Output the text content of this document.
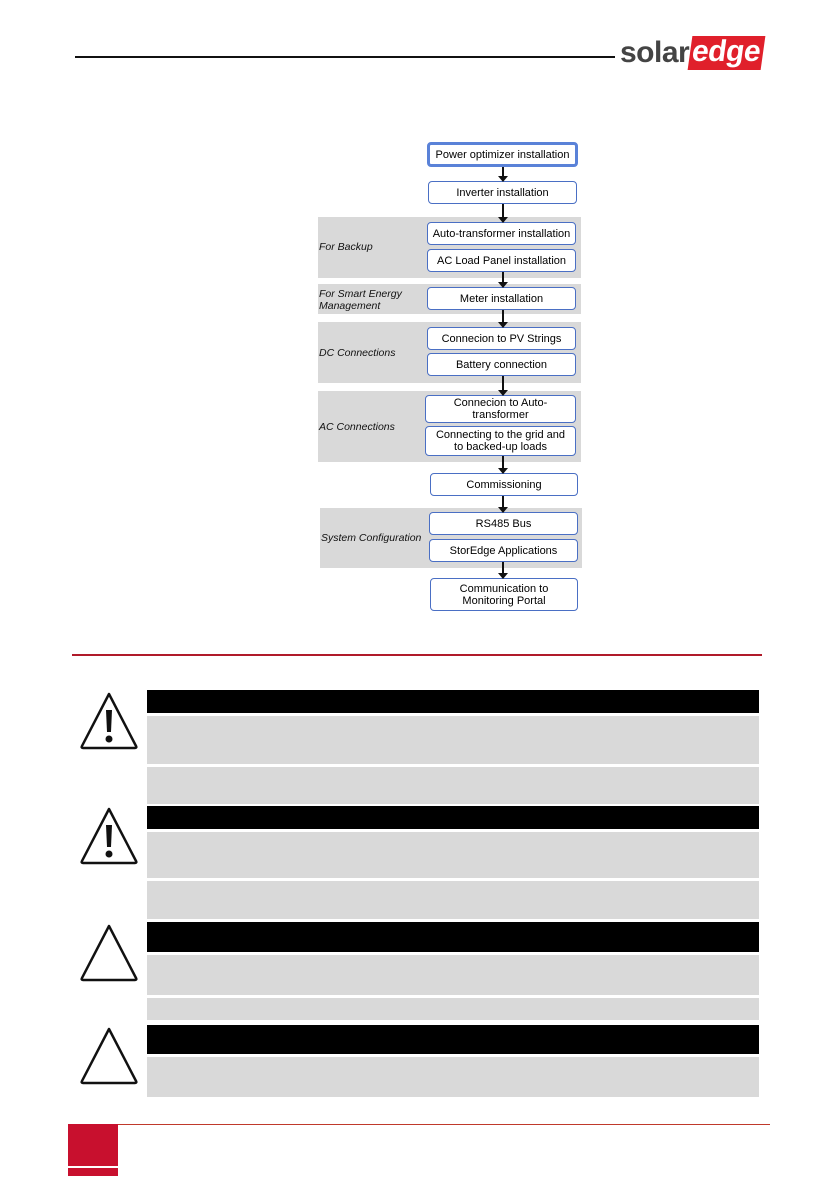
solar edge
For Backup
For Smart Energy Management
DC Connections
AC Connections
System Configuration
Power optimizer installation
Inverter installation
Auto-transformer installation
AC Load Panel installation
Meter installation
Connecion to PV Strings
Battery connection
Connecion to Auto-transformer
Connecting to the grid and to backed-up loads
Commissioning
RS485 Bus
StorEdge Applications
Communication to Monitoring Portal
